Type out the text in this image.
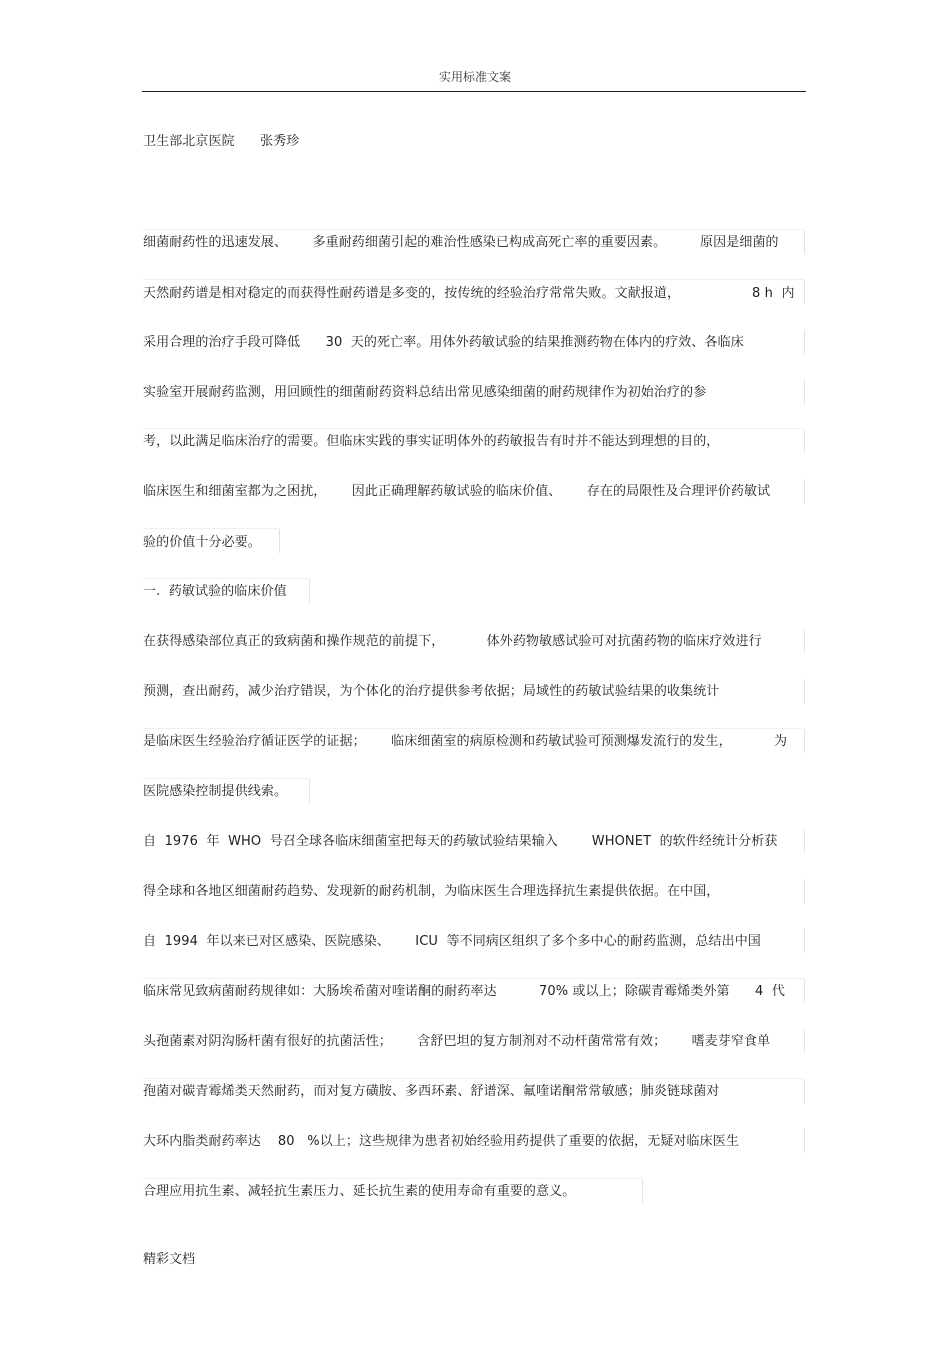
实用标准文案
卫生部北京医院      张秀珍
细菌耐药性的迅速发展、      多重耐药细菌引起的难治性感染已构成高死亡率的重要因素。        原因是细菌的
天然耐药谱是相对稳定的而获得性耐药谱是多变的，按传统的经验治疗常常失败。文献报道，                 8 h  内
采用合理的治疗手段可降低      30  天的死亡率。用体外药敏试验的结果推测药物在体内的疗效、各临床
实验室开展耐药监测，用回顾性的细菌耐药资料总结出常见感染细菌的耐药规律作为初始治疗的参
考，以此满足临床治疗的需要。但临床实践的事实证明体外的药敏报告有时并不能达到理想的目的，
临床医生和细菌室都为之困扰，      因此正确理解药敏试验的临床价值、      存在的局限性及合理评价药敏试
验的价值十分必要。
一.  药敏试验的临床价值
在获得感染部位真正的致病菌和操作规范的前提下，          体外药物敏感试验可对抗菌药物的临床疗效进行
预测，查出耐药，减少治疗错误，为个体化的治疗提供参考依据；局域性的药敏试验结果的收集统计
是临床医生经验治疗循证医学的证据；      临床细菌室的病原检测和药敏试验可预测爆发流行的发生，          为
医院感染控制提供线索。
自  1976  年  WHO  号召全球各临床细菌室把每天的药敏试验结果输入        WHONET  的软件经统计分析获
得全球和各地区细菌耐药趋势、发现新的耐药机制，为临床医生合理选择抗生素提供依据。在中国，
自  1994  年以来已对区感染、医院感染、      ICU  等不同病区组织了多个多中心的耐药监测，总结出中国
临床常见致病菌耐药规律如：大肠埃希菌对喹诺酮的耐药率达          70% 或以上；除碳青霉烯类外第      4  代
头孢菌素对阴沟肠杆菌有很好的抗菌活性；      含舒巴坦的复方制剂对不动杆菌常常有效；      嗜麦芽窄食单
孢菌对碳青霉烯类天然耐药，而对复方磺胺、多西环素、舒谱深、氟喹诺酮常常敏感；肺炎链球菌对
大环内脂类耐药率达    80   %以上；这些规律为患者初始经验用药提供了重要的依据，无疑对临床医生
合理应用抗生素、减轻抗生素压力、延长抗生素的使用寿命有重要的意义。
精彩文档
